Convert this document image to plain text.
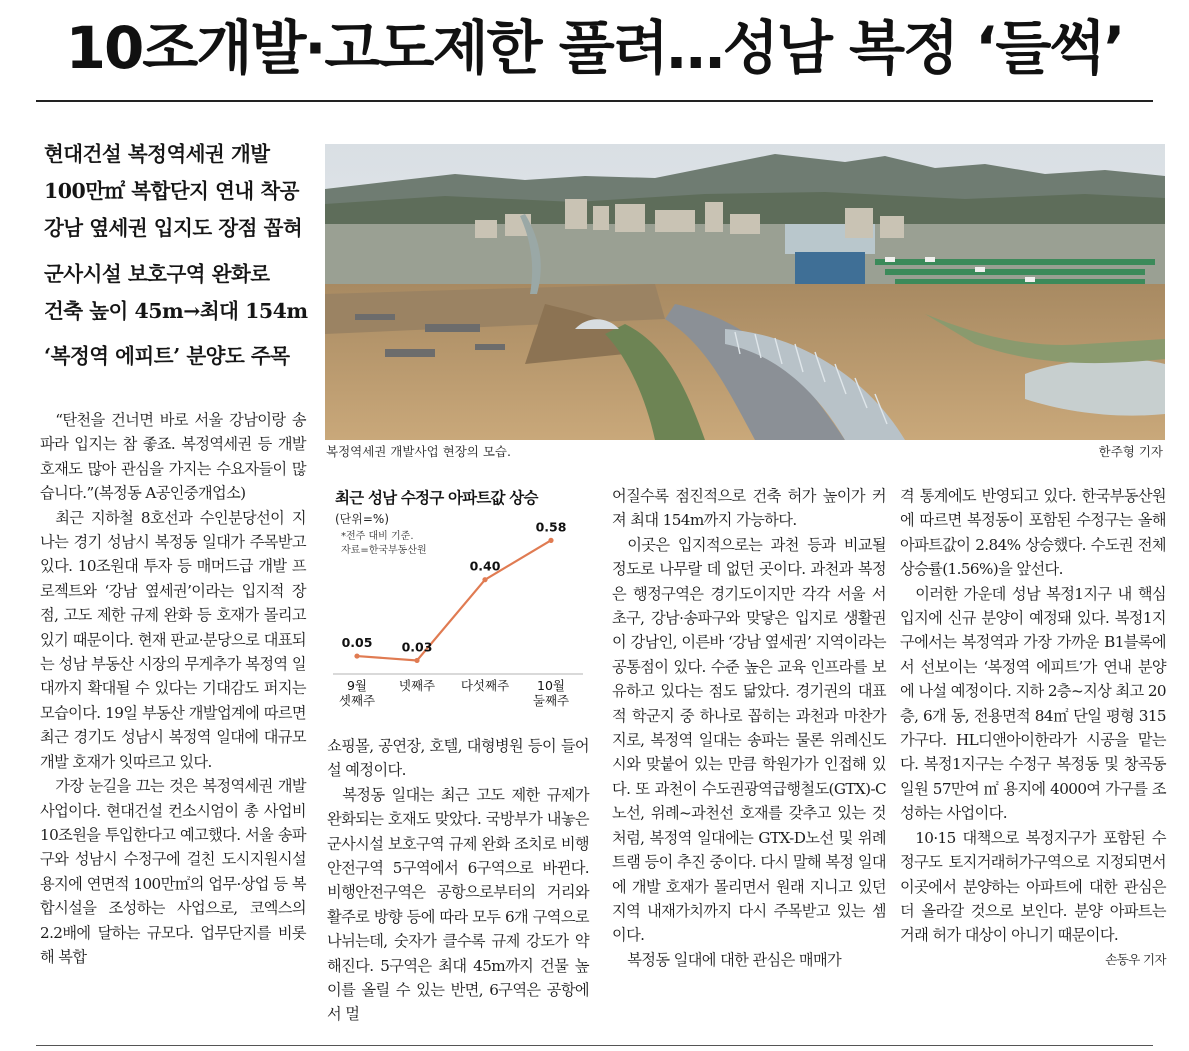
10조개발·고도제한 풀려…성남 복정 ‘들썩’
현대건설 복정역세권 개발
100만㎡ 복합단지 연내 착공
강남 옆세권 입지도 장점 꼽혀
군사시설 보호구역 완화로
건축 높이 45m→최대 154m
‘복정역 에피트’ 분양도 주목
복정역세권 개발사업 현장의 모습.	한주형 기자

“탄천을 건너면 바로 서울 강남이랑 송파라 입지는 참 좋죠. 복정역세권 등 개발 호재도 많아 관심을 가지는 수요자들이 많습니다.”(복정동 A공인중개업소)

최근 지하철 8호선과 수인분당선이 지나는 경기 성남시 복정동 일대가 주목받고 있다. 10조원대 투자 등 매머드급 개발 프로젝트와 ‘강남 옆세권’이라는 입지적 장점, 고도 제한 규제 완화 등 호재가 몰리고 있기 때문이다. 현재 판교·분당으로 대표되는 성남 부동산 시장의 무게추가 복정역 일대까지 확대될 수 있다는 기대감도 퍼지는 모습이다. 19일 부동산 개발업계에 따르면 최근 경기도 성남시 복정역 일대에 대규모 개발 호재가 잇따르고 있다.

가장 눈길을 끄는 것은 복정역세권 개발사업이다. 현대건설 컨소시엄이 총 사업비 10조원을 투입한다고 예고했다. 서울 송파구와 성남시 수정구에 걸친 도시지원시설용지에 연면적 100만㎡의 업무·상업 등 복합시설을 조성하는 사업으로, 코엑스의 2.2배에 달하는 규모다. 업무단지를 비롯해 복합

최근 성남 수정구 아파트값 상승
(단위=%)
*전주 대비 기준.
자료=한국부동산원
0.05
9월
셋째주
0.03
넷째주
0.40
다섯째주
0.58
10월
둘째주

쇼핑몰, 공연장, 호텔, 대형병원 등이 들어설 예정이다.

복정동 일대는 최근 고도 제한 규제가 완화되는 호재도 맞았다. 국방부가 내놓은 군사시설 보호구역 규제 완화 조치로 비행안전구역 5구역에서 6구역으로 바뀐다. 비행안전구역은 공항으로부터의 거리와 활주로 방향 등에 따라 모두 6개 구역으로 나뉘는데, 숫자가 클수록 규제 강도가 약해진다. 5구역은 최대 45m까지 건물 높이를 올릴 수 있는 반면, 6구역은 공항에서 멀

어질수록 점진적으로 건축 허가 높이가 커져 최대 154m까지 가능하다.

이곳은 입지적으로는 과천 등과 비교될 정도로 나무랄 데 없던 곳이다. 과천과 복정은 행정구역은 경기도이지만 각각 서울 서초구, 강남·송파구와 맞닿은 입지로 생활권이 강남인, 이른바 ‘강남 옆세권’ 지역이라는 공통점이 있다. 수준 높은 교육 인프라를 보유하고 있다는 점도 닮았다. 경기권의 대표적 학군지 중 하나로 꼽히는 과천과 마찬가지로, 복정역 일대는 송파는 물론 위례신도시와 맞붙어 있는 만큼 학원가가 인접해 있다. 또 과천이 수도권광역급행철도(GTX)-C노선, 위례~과천선 호재를 갖추고 있는 것처럼, 복정역 일대에는 GTX-D노선 및 위례트램 등이 추진 중이다. 다시 말해 복정 일대에 개발 호재가 몰리면서 원래 지니고 있던 지역 내재가치까지 다시 주목받고 있는 셈이다.

복정동 일대에 대한 관심은 매매가

격 통계에도 반영되고 있다. 한국부동산원에 따르면 복정동이 포함된 수정구는 올해 아파트값이 2.84% 상승했다. 수도권 전체 상승률(1.56%)을 앞선다.

이러한 가운데 성남 복정1지구 내 핵심 입지에 신규 분양이 예정돼 있다. 복정1지구에서는 복정역과 가장 가까운 B1블록에서 선보이는 ‘복정역 에피트’가 연내 분양에 나설 예정이다. 지하 2층~지상 최고 20층, 6개 동, 전용면적 84㎡ 단일 평형 315가구다. HL디앤아이한라가 시공을 맡는다. 복정1지구는 수정구 복정동 및 창곡동 일원 57만여 ㎡ 용지에 4000여 가구를 조성하는 사업이다.

10·15 대책으로 복정지구가 포함된 수정구도 토지거래허가구역으로 지정되면서 이곳에서 분양하는 아파트에 대한 관심은 더 올라갈 것으로 보인다. 분양 아파트는 거래 허가 대상이 아니기 때문이다.

손동우 기자
